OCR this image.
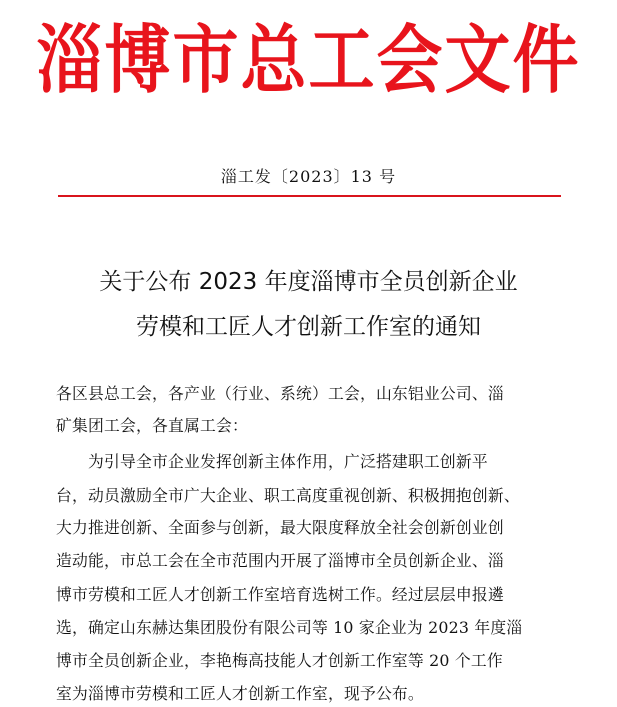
淄博市总工会文件
淄工发〔2023〕13 号
关于公布 2023 年度淄博市全员创新企业
劳模和工匠人才创新工作室的通知
各区县总工会，各产业（行业、系统）工会，山东铝业公司、淄
矿集团工会，各直属工会：
　　为引导全市企业发挥创新主体作用，广泛搭建职工创新平
台，动员激励全市广大企业、职工高度重视创新、积极拥抱创新、
大力推进创新、全面参与创新，最大限度释放全社会创新创业创
造动能，市总工会在全市范围内开展了淄博市全员创新企业、淄
博市劳模和工匠人才创新工作室培育选树工作。经过层层申报遴
选，确定山东赫达集团股份有限公司等 10 家企业为 2023 年度淄
博市全员创新企业，李艳梅高技能人才创新工作室等 20 个工作
室为淄博市劳模和工匠人才创新工作室，现予公布。
